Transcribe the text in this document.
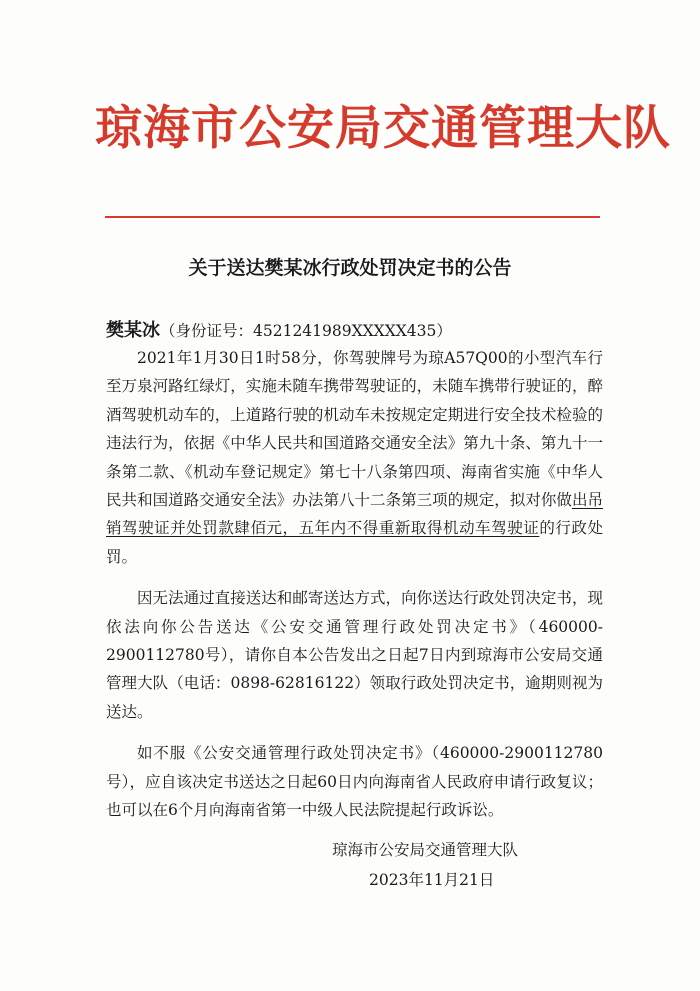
琼海市公安局交通管理大队
关于送达樊某冰行政处罚决定书的公告
樊某冰（身份证号：4521241989XXXXX435）

2021年1月30日1时58分，你驾驶牌号为琼A57Q00的小型汽车行至万泉河路红绿灯，实施未随车携带驾驶证的，未随车携带行驶证的，醉酒驾驶机动车的，上道路行驶的机动车未按规定定期进行安全技术检验的违法行为，依据《中华人民共和国道路交通安全法》第九十条、第九十一条第二款、《机动车登记规定》第七十八条第四项、海南省实施《中华人民共和国道路交通安全法》办法第八十二条第三项的规定，拟对你做出吊销驾驶证并处罚款肆佰元，五年内不得重新取得机动车驾驶证的行政处罚。

因无法通过直接送达和邮寄送达方式，向你送达行政处罚决定书，现依法向你公告送达《公安交通管理行政处罚决定书》（460000-2900112780号），请你自本公告发出之日起7日内到琼海市公安局交通管理大队（电话：0898-62816122）领取行政处罚决定书，逾期则视为送达。

如不服《公安交通管理行政处罚决定书》（460000-2900112780号），应自该决定书送达之日起60日内向海南省人民政府申请行政复议；也可以在6个月向海南省第一中级人民法院提起行政诉讼。

琼海市公安局交通管理大队
2023年11月21日
